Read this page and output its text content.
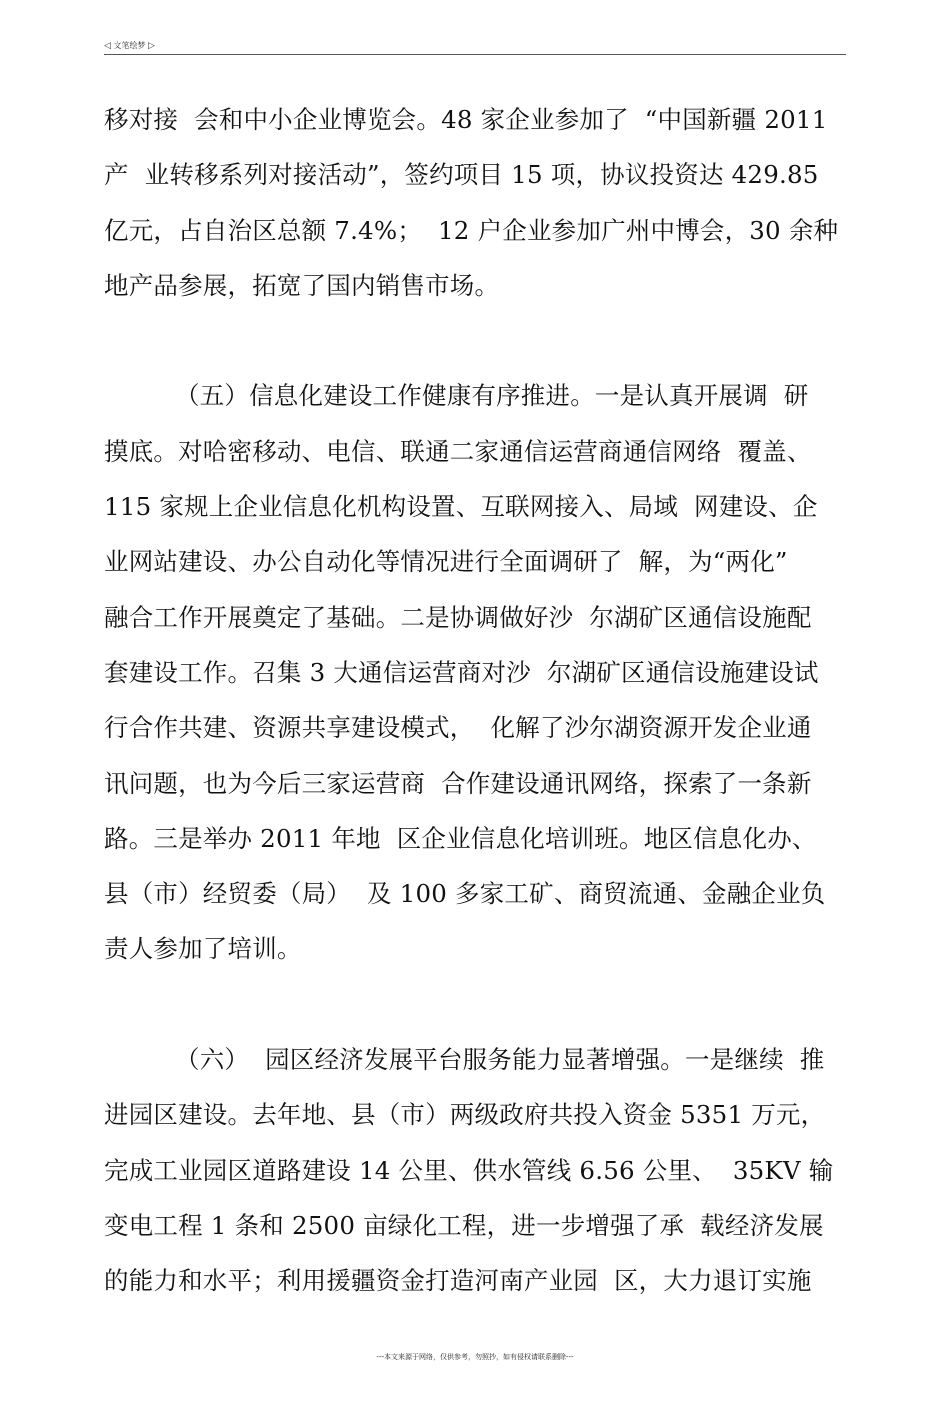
◁ 文笔绘梦 ▷
移对接  会和中小企业博览会。48 家企业参加了  “中国新疆 2011
产  业转移系列对接活动”，签约项目 15 项，协议投资达 429.85
亿元，占自治区总额 7.4%；  12 户企业参加广州中博会，30 余种
地产品参展，拓宽了国内销售市场。
（五）信息化建设工作健康有序推进。一是认真开展调  研
摸底。对哈密移动、电信、联通二家通信运营商通信网络  覆盖、
115 家规上企业信息化机构设置、互联网接入、局域  网建设、企
业网站建设、办公自动化等情况进行全面调研了  解，为“两化”
融合工作开展奠定了基础。二是协调做好沙  尔湖矿区通信设施配
套建设工作。召集 3 大通信运营商对沙  尔湖矿区通信设施建设试
行合作共建、资源共享建设模式，  化解了沙尔湖资源开发企业通
讯问题，也为今后三家运营商  合作建设通讯网络，探索了一条新
路。三是举办 2011 年地  区企业信息化培训班。地区信息化办、
县（市）经贸委（局）  及 100 多家工矿、商贸流通、金融企业负
责人参加了培训。
（六）  园区经济发展平台服务能力显著增强。一是继续  推
进园区建设。去年地、县（市）两级政府共投入资金 5351 万元，
完成工业园区道路建设 14 公里、供水管线 6.56 公里、  35KV 输
变电工程 1 条和 2500 亩绿化工程，进一步增强了承  载经济发展
的能力和水平；利用援疆资金打造河南产业园  区，大力退订实施
---本文来源于网络，仅供参考，勿照抄，如有侵权请联系删除---
